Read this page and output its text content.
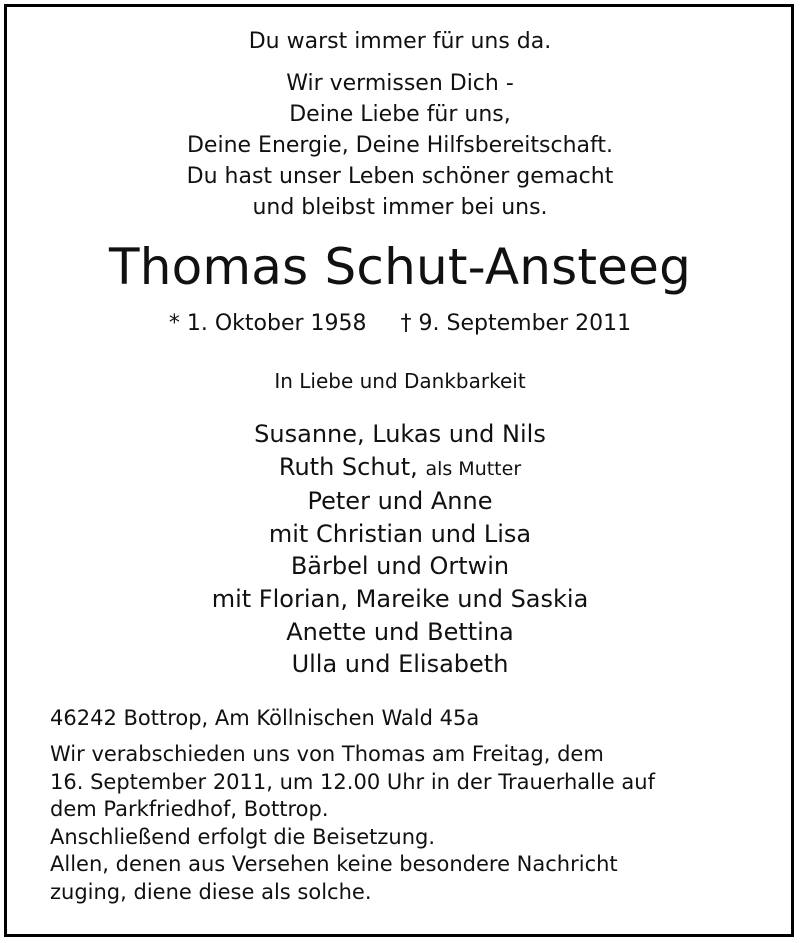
Du warst immer für uns da.
Wir vermissen Dich -
Deine Liebe für uns,
Deine Energie, Deine Hilfsbereitschaft.
Du hast unser Leben schöner gemacht
und bleibst immer bei uns.
Thomas Schut-Ansteeg
* 1. Oktober 1958 † 9. September 2011
In Liebe und Dankbarkeit
Susanne, Lukas und Nils
Ruth Schut, als Mutter
Peter und Anne
mit Christian und Lisa
Bärbel und Ortwin
mit Florian, Mareike und Saskia
Anette und Bettina
Ulla und Elisabeth
46242 Bottrop, Am Köllnischen Wald 45a
Wir verabschieden uns von Thomas am Freitag, dem
16. September 2011, um 12.00 Uhr in der Trauerhalle auf
dem Parkfriedhof, Bottrop.
Anschließend erfolgt die Beisetzung.
Allen, denen aus Versehen keine besondere Nachricht
zuging, diene diese als solche.
